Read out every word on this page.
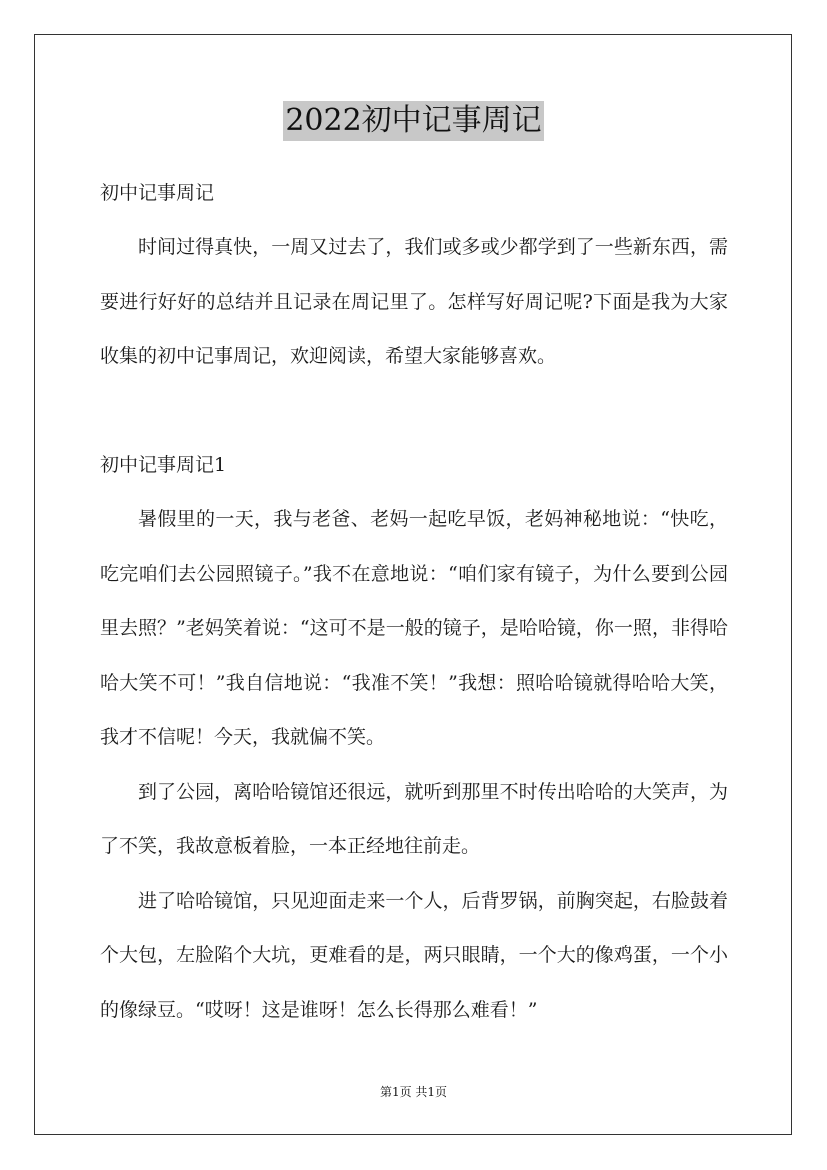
2022初中记事周记
初中记事周记

时间过得真快，一周又过去了，我们或多或少都学到了一些新东西，需要进行好好的总结并且记录在周记里了。怎样写好周记呢?下面是我为大家收集的初中记事周记，欢迎阅读，希望大家能够喜欢。

初中记事周记1

暑假里的一天，我与老爸、老妈一起吃早饭，老妈神秘地说：“快吃，吃完咱们去公园照镜子。”我不在意地说：“咱们家有镜子，为什么要到公园里去照？”老妈笑着说：“这可不是一般的镜子，是哈哈镜，你一照，非得哈哈大笑不可！”我自信地说：“我准不笑！”我想：照哈哈镜就得哈哈大笑，我才不信呢！今天，我就偏不笑。

到了公园，离哈哈镜馆还很远，就听到那里不时传出哈哈的大笑声，为了不笑，我故意板着脸，一本正经地往前走。

进了哈哈镜馆，只见迎面走来一个人，后背罗锅，前胸突起，右脸鼓着个大包，左脸陷个大坑，更难看的是，两只眼睛，一个大的像鸡蛋，一个小的像绿豆。“哎呀！这是谁呀！怎么长得那么难看！”

第1页 共1页
